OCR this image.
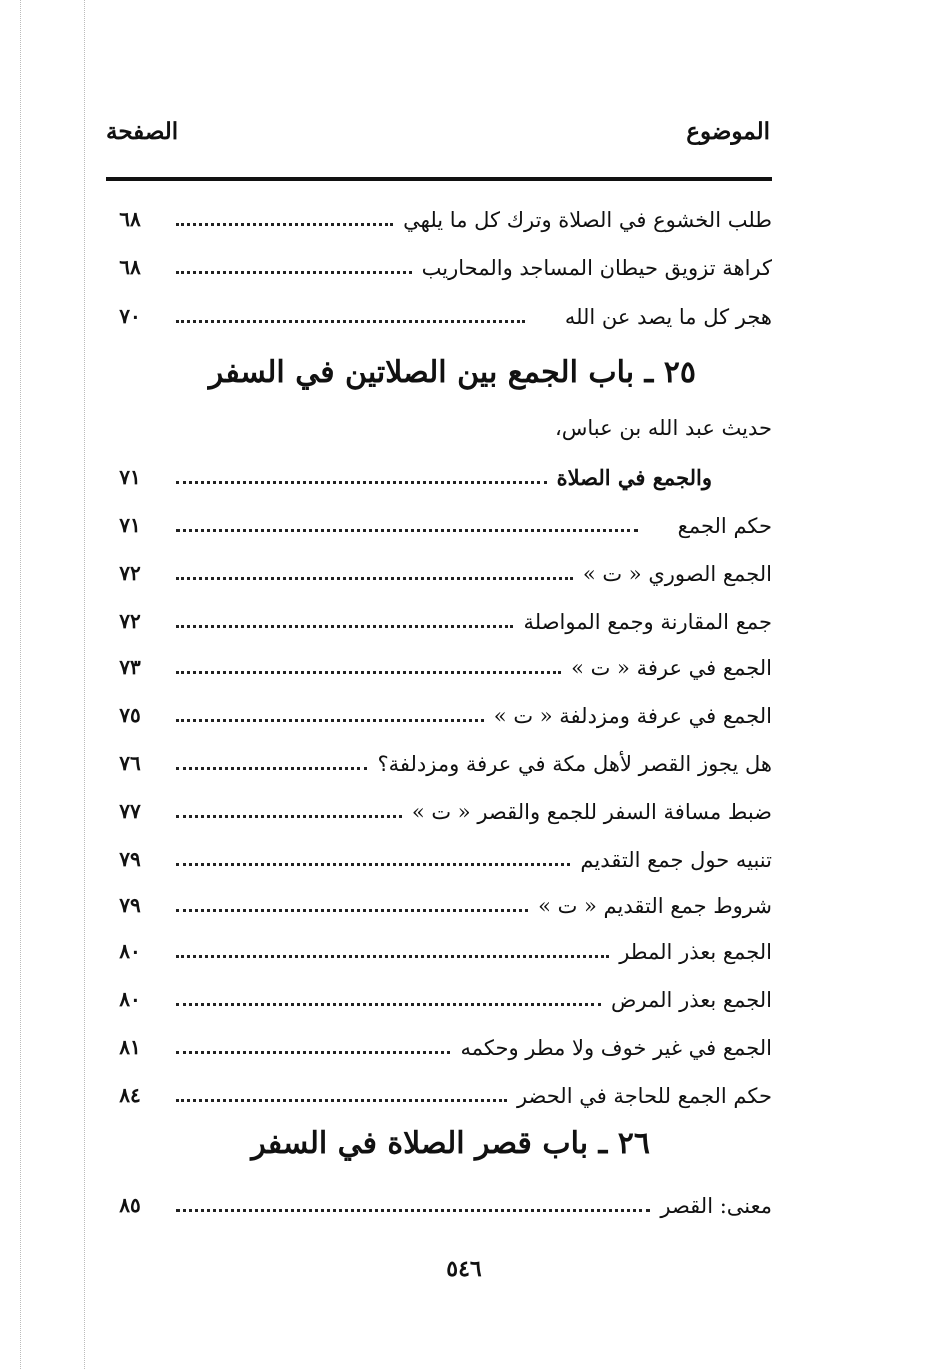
الموضوع
الصفحة
طلب الخشوع في الصلاة وترك كل ما يلهي
٦٨
كراهة تزويق حيطان المساجد والمحاريب
٦٨
هجر كل ما يصد عن الله
٧٠
٢٥ ـ باب الجمع بين الصلاتين في السفر
حديث عبد الله بن عباس،
والجمع في الصلاة
٧١
حكم الجمع
٧١
الجمع الصوري « ت »
٧٢
جمع المقارنة وجمع المواصلة
٧٢
الجمع في عرفة « ت »
٧٣
الجمع في عرفة ومزدلفة « ت »
٧٥
هل يجوز القصر لأهل مكة في عرفة ومزدلفة؟
٧٦
ضبط مسافة السفر للجمع والقصر « ت »
٧٧
تنبيه حول جمع التقديم
٧٩
شروط جمع التقديم « ت »
٧٩
الجمع بعذر المطر
٨٠
الجمع بعذر المرض
٨٠
الجمع في غير خوف ولا مطر وحكمه
٨١
حكم الجمع للحاجة في الحضر
٨٤
٢٦ ـ باب قصر الصلاة في السفر
معنى: القصر
٨٥
٥٤٦
